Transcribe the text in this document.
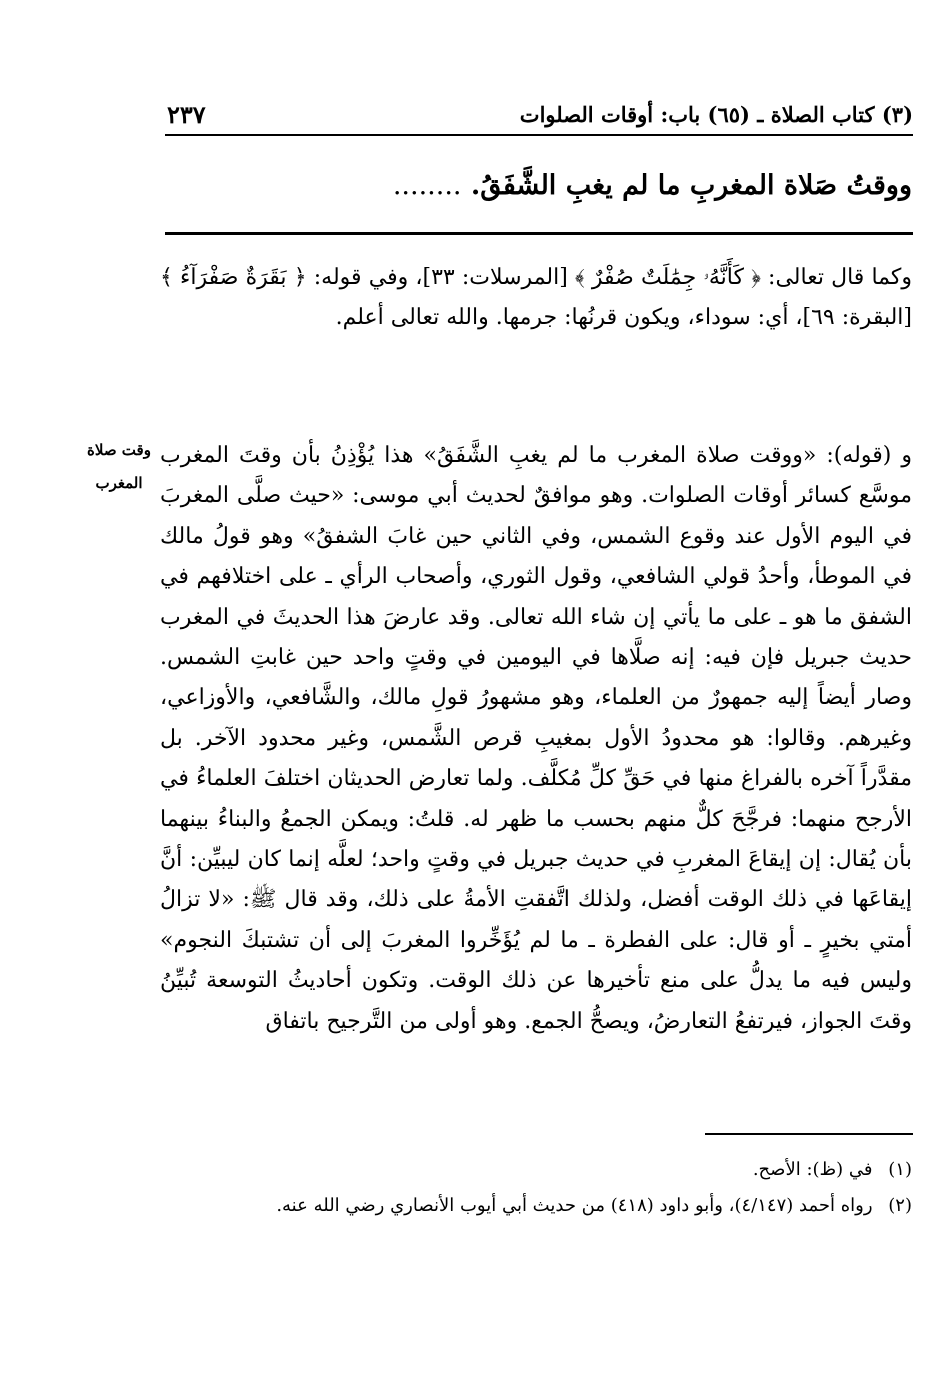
(٣) كتاب الصلاة ـ (٦٥) باب: أوقات الصلوات
٢٣٧
ووقتُ صَلاة المغربِ ما لم يغبِ الشَّفَقُ. ........

وكما قال تعالى: ﴿ كَأَنَّهُۥ جِمَٰلَتٌ صُفْرٌ ﴾ [المرسلات: ٣٣]، وفي قوله: ﴿ بَقَرَةٌ صَفْرَآءُ ﴾ [البقرة: ٦٩]، أي: سوداء، ويكون قرنُها: جرمها. والله تعالى أعلم.

وقت صلاة المغرب

و (قوله): «ووقت صلاة المغرب ما لم يغبِ الشَّفَقُ» هذا يُؤْذِنُ بأن وقتَ المغرب موسَّع كسائر أوقات الصلوات. وهو موافقٌ لحديث أبي موسى: «حيث صلَّى المغربَ في اليوم الأول عند وقوع الشمس، وفي الثاني حين غابَ الشفقُ» وهو قولُ مالك في الموطأ، وأحدُ قولي الشافعي، وقول الثوري، وأصحاب الرأي ـ على اختلافهم في الشفق ما هو ـ على ما يأتي إن شاء الله تعالى. وقد عارضَ هذا الحديثَ في المغرب حديث جبريل فإن فيه: إنه صلَّاها في اليومين في وقتٍ واحد حين غابتِ الشمس. وصار أيضاً إليه جمهورٌ من العلماء، وهو مشهورُ قولِ مالك، والشَّافعي، والأوزاعي، وغيرهم. وقالوا: هو محدودُ الأول بمغيبِ قرص الشَّمس، وغير محدود الآخر. بل مقدَّراً آخره بالفراغ منها في حَقِّ كلِّ مُكلَّف. ولما تعارض الحديثان اختلفَ العلماءُ في الأرجح منهما: فرجَّحَ كلٌّ منهم بحسب ما ظهر له. قلتُ: ويمكن الجمعُ والبناءُ بينهما بأن يُقال: إن إيقاعَ المغربِ في حديث جبريل في وقتٍ واحد؛ لعلَّه إنما كان ليبيِّن: أنَّ إيقاعَها في ذلك الوقت أفضل، ولذلك اتَّفقتِ الأمةُ على ذلك، وقد قال ﷺ: «لا تزالُ أمتي بخيرٍ ـ أو قال: على الفطرة ـ ما لم يُؤَخِّروا المغربَ إلى أن تشتبكَ النجوم» وليس فيه ما يدلُّ على منع تأخيرها عن ذلك الوقت. وتكون أحاديثُ التوسعة تُبيِّنُ وقتَ الجواز، فيرتفعُ التعارضُ، ويصحُّ الجمع. وهو أولى من التَّرجيح باتفاق

(١) في (ظ): الأصح.

(٢) رواه أحمد (٤/١٤٧)، وأبو داود (٤١٨) من حديث أبي أيوب الأنصاري رضي الله عنه.
